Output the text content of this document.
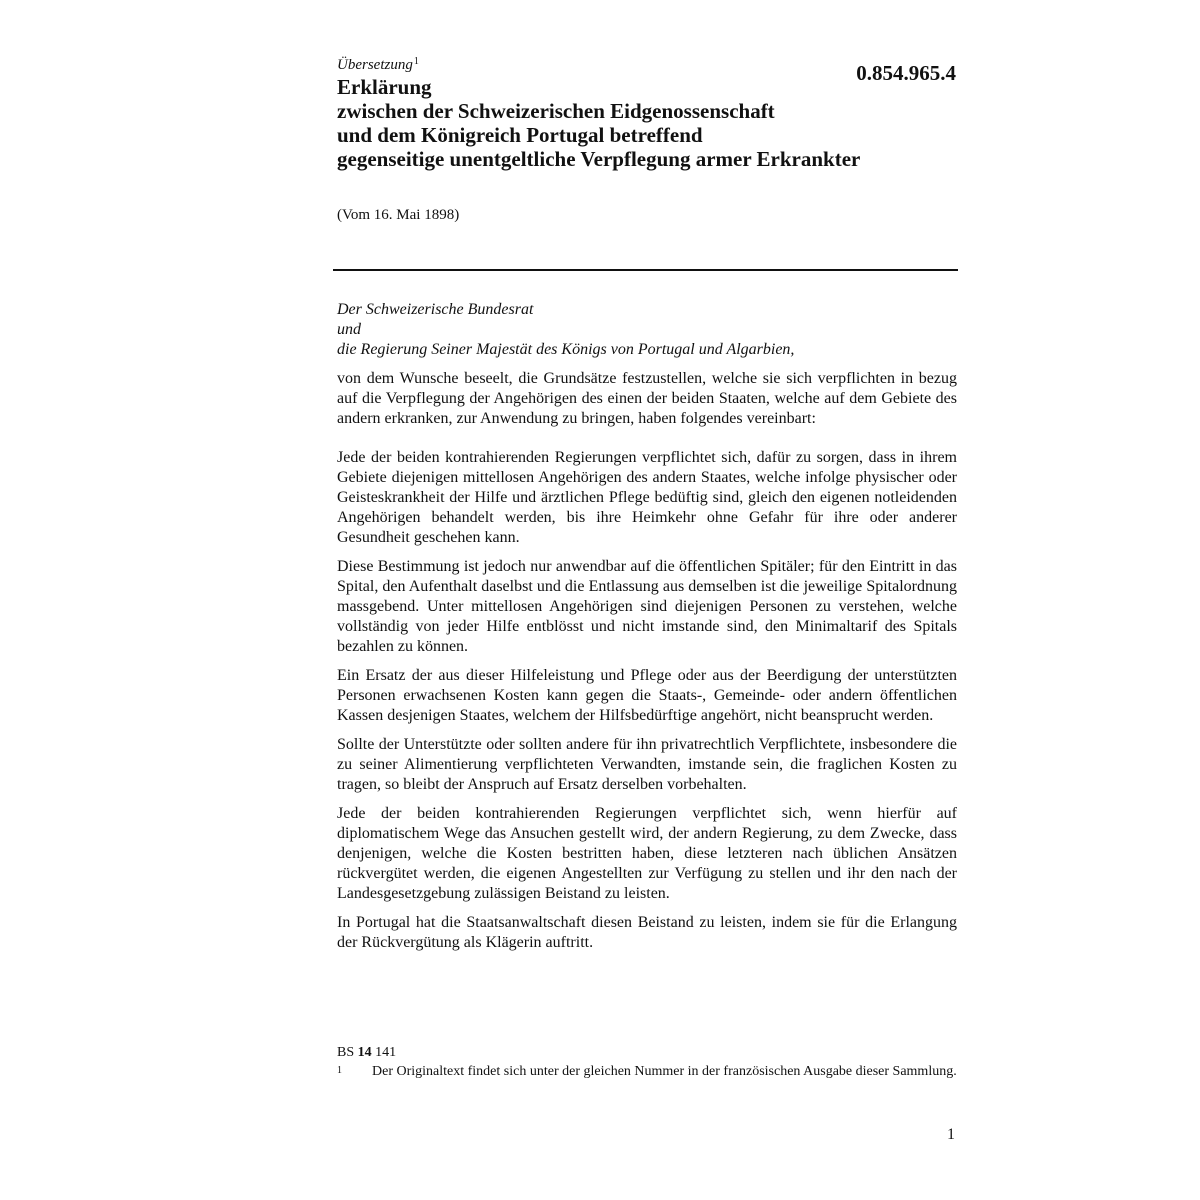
Übersetzung$^1$	0.854.965.4
Erklärung
zwischen der Schweizerischen Eidgenossenschaft
und dem Königreich Portugal betreffend
gegenseitige unentgeltliche Verpflegung armer Erkrankter
(Vom 16. Mai 1898)
Der Schweizerische Bundesrat
und
die Regierung Seiner Majestät des Königs von Portugal und Algarbien,

von dem Wunsche beseelt, die Grundsätze festzustellen, welche sie sich verpflichten in bezug auf die Verpflegung der Angehörigen des einen der beiden Staaten, welche auf dem Gebiete des andern erkranken, zur Anwendung zu bringen, haben folgendes vereinbart:

Jede der beiden kontrahierenden Regierungen verpflichtet sich, dafür zu sorgen, dass in ihrem Gebiete diejenigen mittellosen Angehörigen des andern Staates, welche infolge physischer oder Geisteskrankheit der Hilfe und ärztlichen Pflege bedüftig sind, gleich den eigenen notleidenden Angehörigen behandelt werden, bis ihre Heimkehr ohne Gefahr für ihre oder anderer Gesundheit geschehen kann.

Diese Bestimmung ist jedoch nur anwendbar auf die öffentlichen Spitäler; für den Eintritt in das Spital, den Aufenthalt daselbst und die Entlassung aus demselben ist die jeweilige Spitalordnung massgebend. Unter mittellosen Angehörigen sind diejenigen Personen zu verstehen, welche vollständig von jeder Hilfe entblösst und nicht imstande sind, den Minimaltarif des Spitals bezahlen zu können.

Ein Ersatz der aus dieser Hilfeleistung und Pflege oder aus der Beerdigung der unterstützten Personen erwachsenen Kosten kann gegen die Staats-, Gemeinde- oder andern öffentlichen Kassen desjenigen Staates, welchem der Hilfsbedürftige angehört, nicht beansprucht werden.

Sollte der Unterstützte oder sollten andere für ihn privatrechtlich Verpflichtete, insbesondere die zu seiner Alimentierung verpflichteten Verwandten, imstande sein, die fraglichen Kosten zu tragen, so bleibt der Anspruch auf Ersatz derselben vorbehalten.

Jede der beiden kontrahierenden Regierungen verpflichtet sich, wenn hierfür auf diplomatischem Wege das Ansuchen gestellt wird, der andern Regierung, zu dem Zwecke, dass denjenigen, welche die Kosten bestritten haben, diese letzteren nach üblichen Ansätzen rückvergütet werden, die eigenen Angestellten zur Verfügung zu stellen und ihr den nach der Landesgesetzgebung zulässigen Beistand zu leisten.

In Portugal hat die Staatsanwaltschaft diesen Beistand zu leisten, indem sie für die Erlangung der Rückvergütung als Klägerin auftritt.

BS 14 141
1 Der Originaltext findet sich unter der gleichen Nummer in der französischen Ausgabe dieser Sammlung.
1
